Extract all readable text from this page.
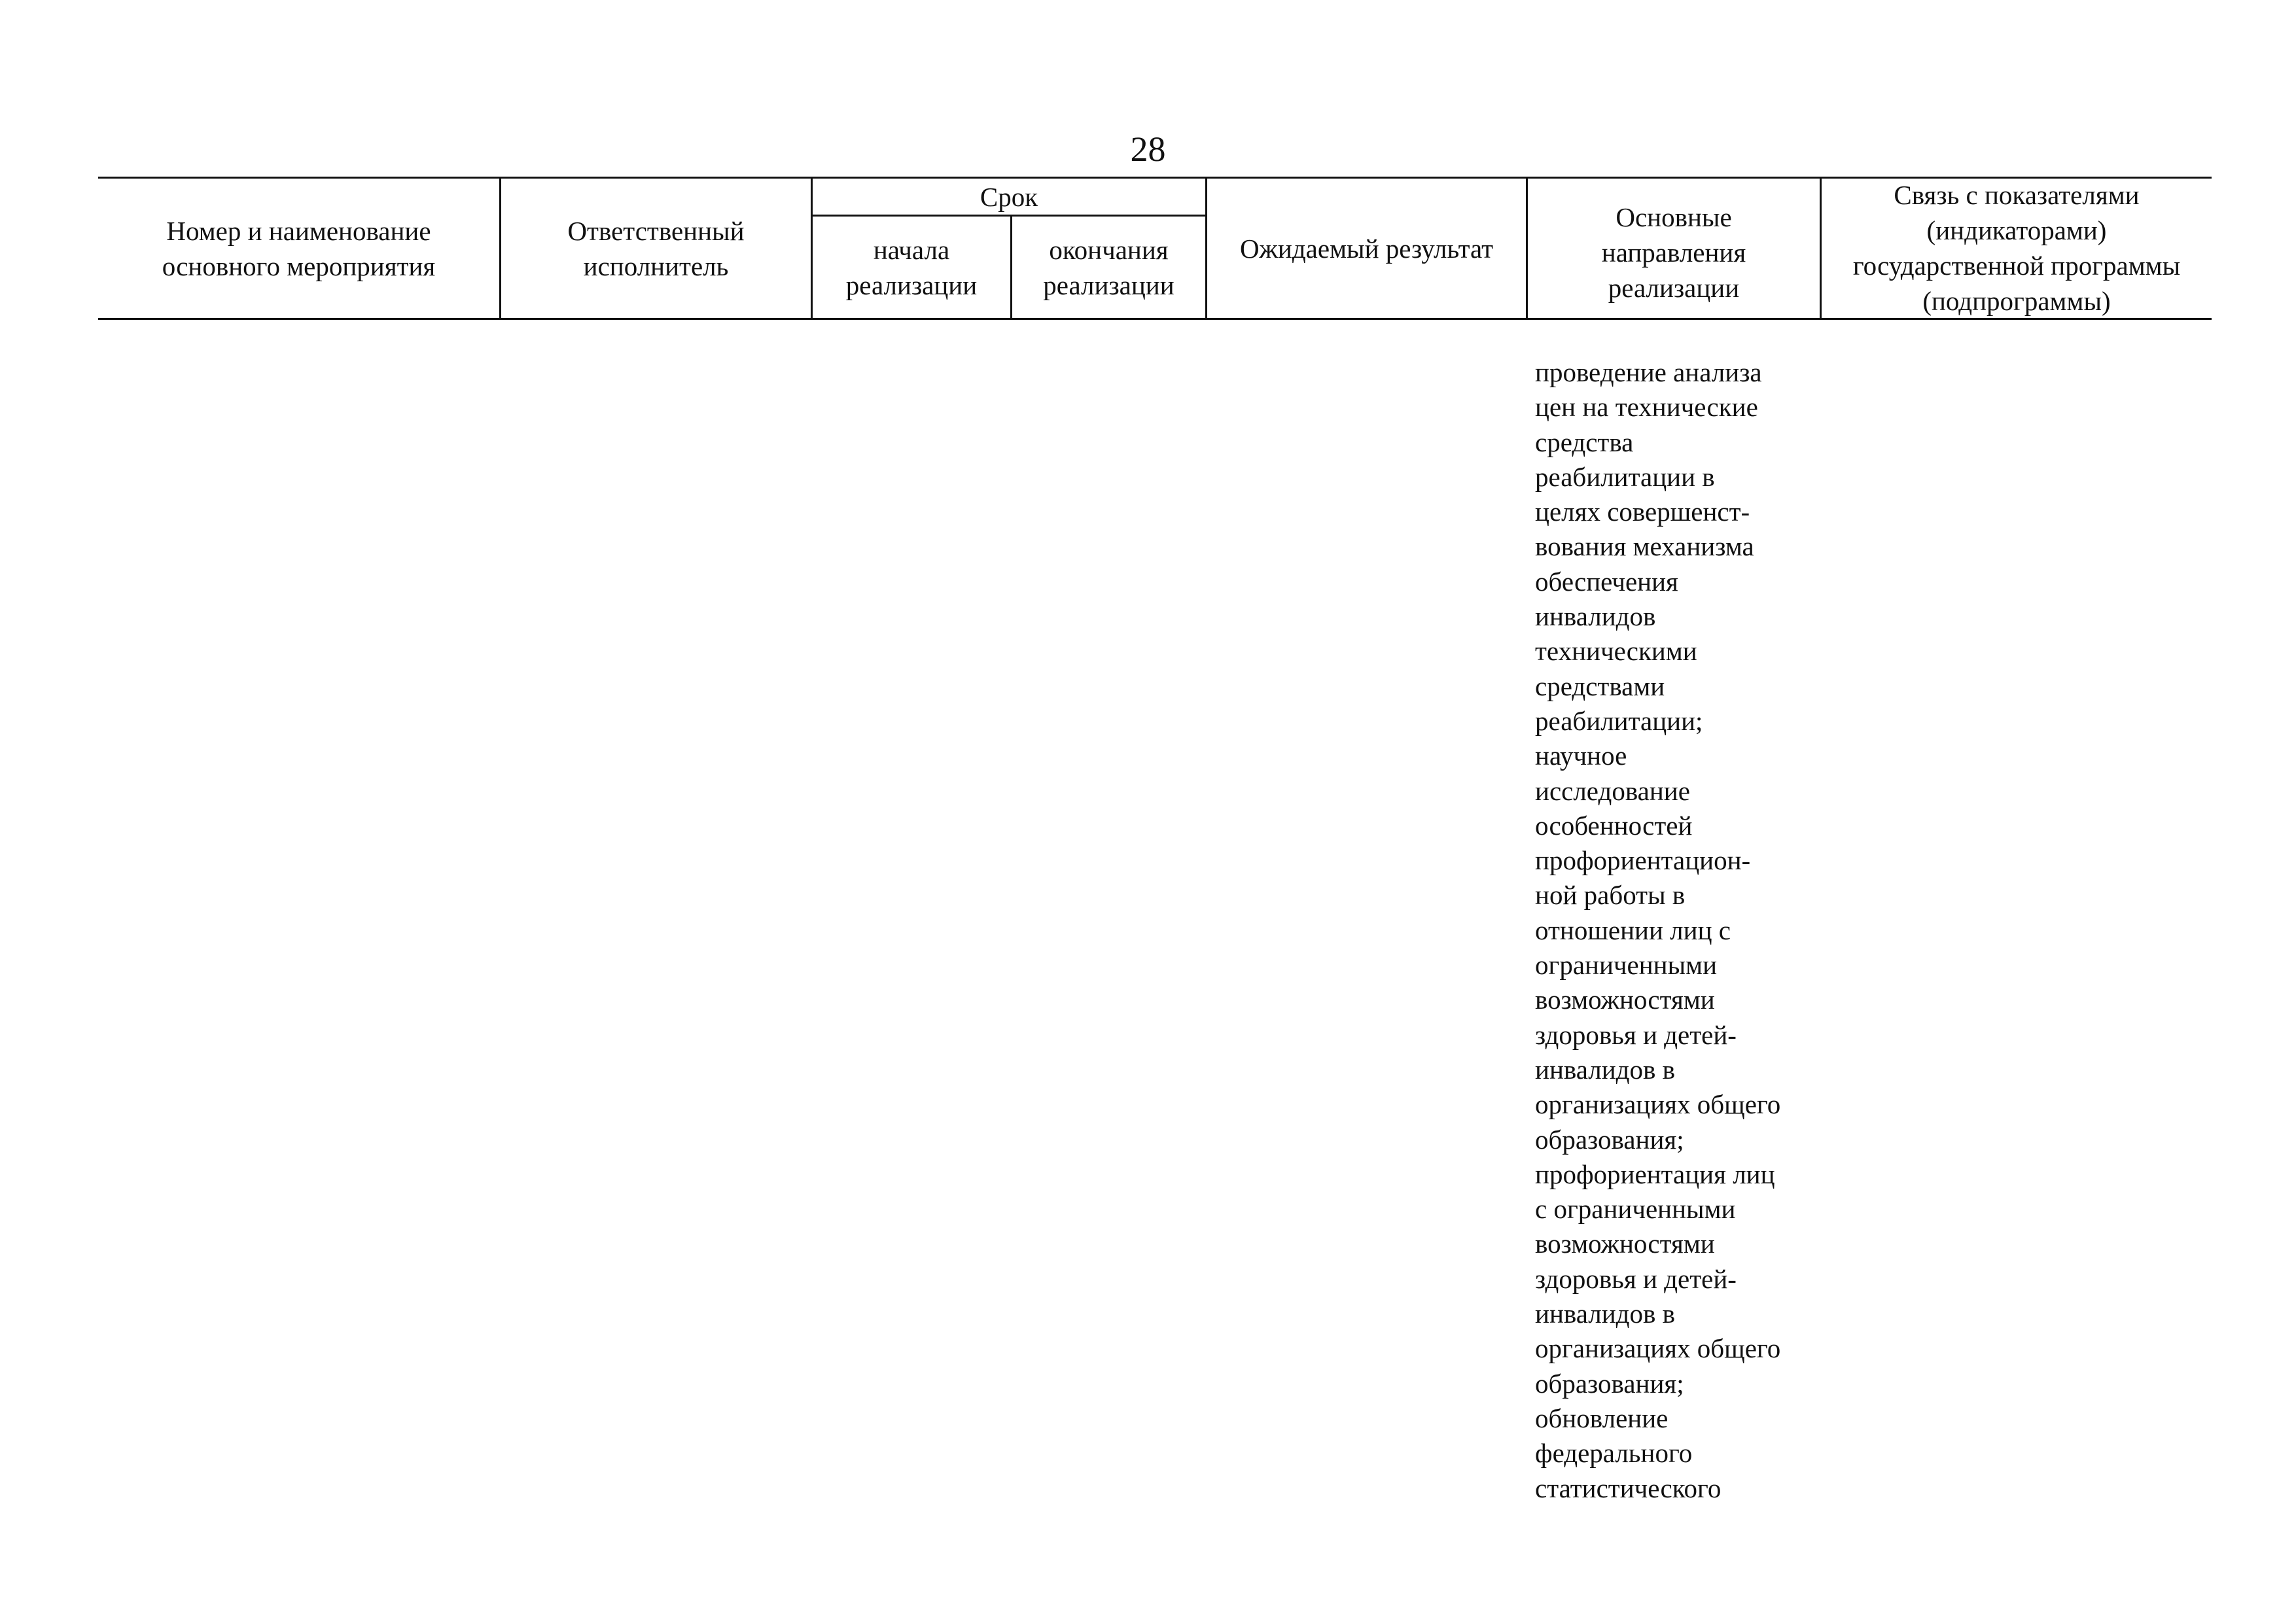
28
Номер и наименование
основного мероприятия
Ответственный
исполнитель
Срок
начала
реализации
окончания
реализации
Ожидаемый результат
Основные
направления
реализации
Связь с показателями
(индикаторами)
государственной программы
(подпрограммы)
проведение анализа
цен на технические
средства
реабилитации в
целях совершенст-
вования механизма
обеспечения
инвалидов
техническими
средствами
реабилитации;
научное
исследование
особенностей
профориентацион-
ной работы в
отношении лиц с
ограниченными
возможностями
здоровья и детей-
инвалидов в
организациях общего
образования;
профориентация лиц
с ограниченными
возможностями
здоровья и детей-
инвалидов в
организациях общего
образования;
обновление
федерального
статистического
